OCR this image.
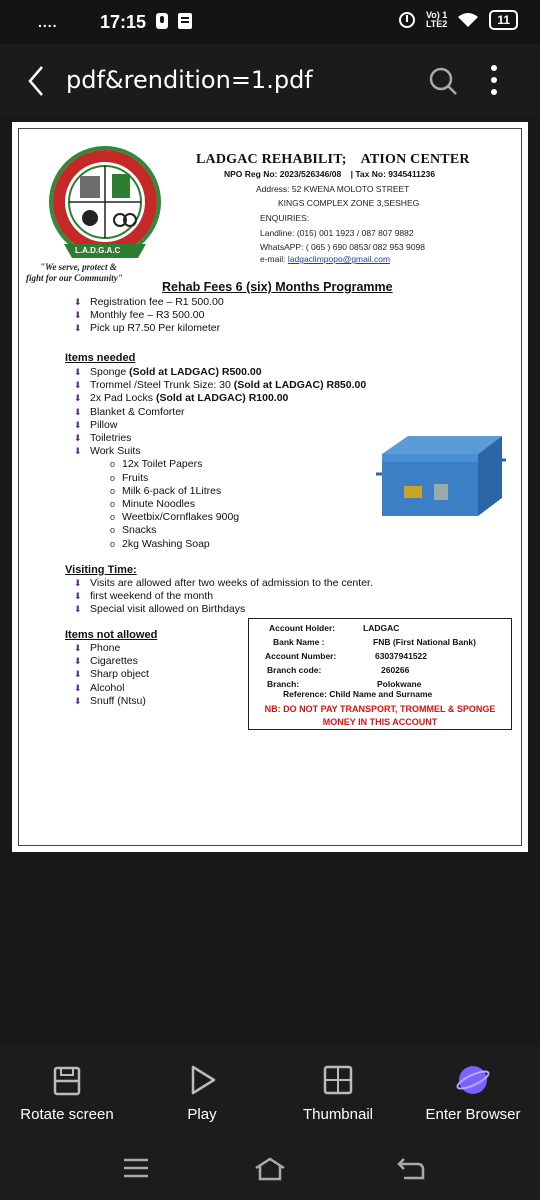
.... 17:15	Vo) 1
LTE2	11
pdf&rendition=1.pdf
L.A.D.G.A.C
"We serve, protect &
fight for our Community"
LADGAC REHABILIT;    ATION CENTER
NPO Reg No: 2023/526346/08    | Tax No: 9345411236
Address: 52 KWENA MOLOTO STREET
KINGS COMPLEX ZONE 3,SESHEG
ENQUIRIES:
Landline: (015) 001 1923 / 087 807 9882
WhatsAPP: ( 065 ) 690 0853/ 082 953 9098
e-mail: ladgaclimpopo@gmail.com
Rehab Fees 6 (six) Months Programme
⬇ Registration fee – R1 500.00
⬇ Monthly fee – R3 500.00
⬇ Pick up R7.50 Per kilometer
Items needed
⬇ Sponge (Sold at LADGAC) R500.00
⬇ Trommel /Steel Trunk Size: 30 (Sold at LADGAC) R850.00
⬇ 2x Pad Locks (Sold at LADGAC) R100.00
⬇ Blanket & Comforter
⬇ Pillow
⬇ Toiletries
⬇ Work Suits
o 12x Toilet Papers
o Fruits
o Milk 6-pack of 1Litres
o Minute Noodles
o Weetbix/Cornflakes 900g
o Snacks
o 2kg Washing Soap
Visiting Time:
⬇ Visits are allowed after two weeks of admission to the center.
⬇ first weekend of the month
⬇ Special visit allowed on Birthdays
Items not allowed
⬇ Phone
⬇ Cigarettes
⬇ Sharp object
⬇ Alcohol
⬇ Snuff (Ntsu)
Account Holder:	LADGAC
Bank Name :	FNB (First National Bank)
Account Number:	63037941522
Branch code:	260266
Branch:	Polokwane
Reference: Child Name and Surname
NB: DO NOT PAY TRANSPORT, TROMMEL & SPONGE
MONEY IN THIS ACCOUNT
Rotate screen	Play	Thumbnail	Enter Browser
